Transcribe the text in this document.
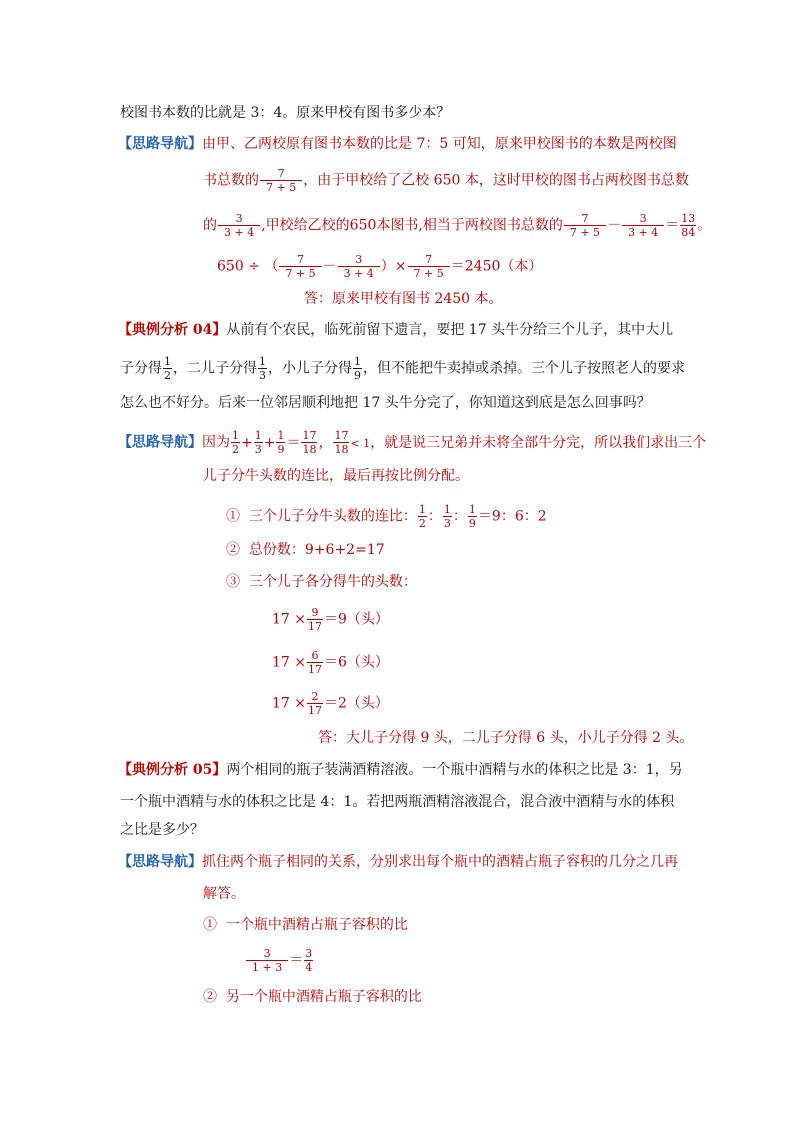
校图书本数的比就是 3：4。原来甲校有图书多少本？
【思路导航】由甲、乙两校原有图书本数的比是 7：5 可知，原来甲校图书的本数是两校图
书总数的 $\frac{7}{7 + 5}$ ，由于甲校给了乙校 650 本，这时甲校的图书占两校图书总数
的 $\frac{3}{3 + 4}$ ,甲校给乙校的650本图书,相当于两校图书总数的 $\frac{7}{7 + 5} - \frac{3}{3 + 4} = \frac{13}{84}$ 。
650 ÷ （ $\frac{7}{7 + 5} - \frac{3}{3 + 4}$ ）× $\frac{7}{7 + 5} =2450$（本）
答：原来甲校有图书 2450 本。
【典例分析 04】从前有个农民，临死前留下遗言，要把 17 头牛分给三个儿子，其中大儿
子分得 $\frac{1}{2}$ ，二儿子分得 $\frac{1}{3}$ ，小儿子分得 $\frac{1}{9}$ ，但不能把牛卖掉或杀掉。三个儿子按照老人的要求
怎么也不好分。后来一位邻居顺利地把 17 头牛分完了，你知道这到底是怎么回事吗？
【思路导航】因为 $\frac{1}{2} + \frac{1}{3} + \frac{1}{9} = \frac{17}{18}$ ， $\frac{17}{18} < 1$，就是说三兄弟并未将全部牛分完，所以我们求出三个
儿子分牛头数的连比，最后再按比例分配。
① 三个儿子分牛头数的连比： $\frac{1}{2}$ ： $\frac{1}{3}$ ： $\frac{1}{9} =9$：6：2
② 总份数：9+6+2=17
③ 三个儿子各分得牛的头数：
$17 \times \frac{9}{17} =9$（头）
$17 \times \frac{6}{17} =6$（头）
$17 \times \frac{2}{17} =2$（头）
答：大儿子分得 9 头，二儿子分得 6 头，小儿子分得 2 头。
【典例分析 05】两个相同的瓶子装满酒精溶液。一个瓶中酒精与水的体积之比是 3：1，另
一个瓶中酒精与水的体积之比是 4：1。若把两瓶酒精溶液混合，混合液中酒精与水的体积
之比是多少？
【思路导航】抓住两个瓶子相同的关系，分别求出每个瓶中的酒精占瓶子容积的几分之几再
解答。
① 一个瓶中酒精占瓶子容积的比
$\frac{3}{1 + 3} = \frac{3}{4}$
② 另一个瓶中酒精占瓶子容积的比
